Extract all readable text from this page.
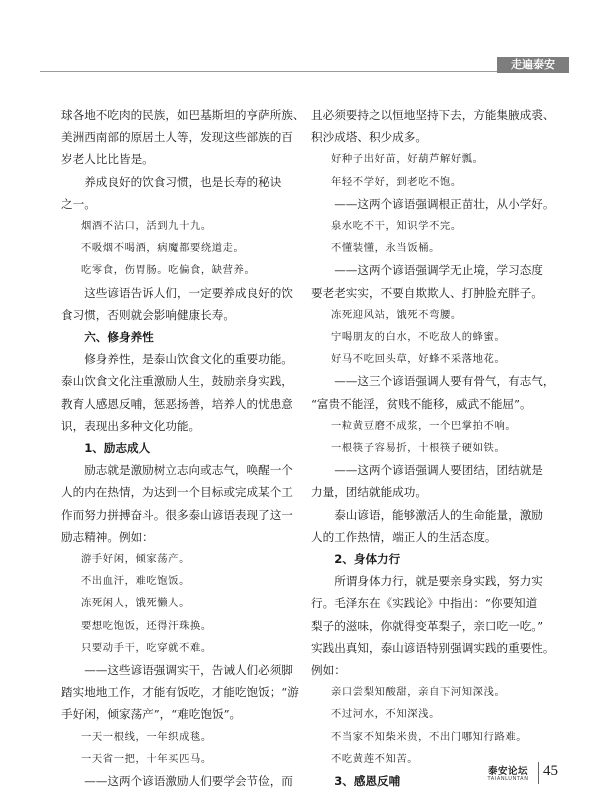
走遍泰安

球各地不吃肉的民族，如巴基斯坦的亨萨所族、

美洲西南部的原居土人等，发现这些部族的百

岁老人比比皆是。

　　养成良好的饮食习惯，也是长寿的秘诀

之一。

烟酒不沾口，活到九十九。

不吸烟不喝酒，病魔都要绕道走。

吃零食，伤胃肠。吃偏食，缺营养。

　　这些谚语告诉人们，一定要养成良好的饮

食习惯，否则就会影响健康长寿。

　　六、修身养性

　　修身养性，是泰山饮食文化的重要功能。

泰山饮食文化注重激励人生，鼓励亲身实践，

教育人感恩反哺，惩恶扬善，培养人的忧患意

识，表现出多种文化功能。

　　1、励志成人

　　励志就是激励树立志向或志气，唤醒一个

人的内在热情，为达到一个目标或完成某个工

作而努力拼搏奋斗。很多泰山谚语表现了这一

励志精神。例如：

游手好闲，倾家荡产。

不出血汗，难吃饱饭。

冻死闲人，饿死懒人。

要想吃饱饭，还得汗珠换。

只要动手干，吃穿就不难。

　　——这些谚语强调实干，告诫人们必须脚

踏实地地工作，才能有饭吃，才能吃饱饭；“游

手好闲，倾家荡产”，“难吃饱饭”。

一天一根线，一年织成毯。

一天省一把，十年买匹马。

　　——这两个谚语激励人们要学会节俭，而

且必须要持之以恒地坚持下去，方能集腋成裘、

积沙成塔、积少成多。

好种子出好苗，好葫芦解好瓢。

年轻不学好，到老吃不饱。

　　——这两个谚语强调根正苗壮，从小学好。

泉水吃不干，知识学不完。

不懂装懂，永当饭桶。

　　——这两个谚语强调学无止境，学习态度

要老老实实，不要自欺欺人、打肿脸充胖子。

冻死迎风站，饿死不弯腰。

宁喝朋友的白水，不吃敌人的蜂蜜。

好马不吃回头草，好蜂不采落地花。

　　——这三个谚语强调人要有骨气，有志气，

“富贵不能淫，贫贱不能移，威武不能屈”。

一粒黄豆磨不成浆，一个巴掌拍不响。

一根筷子容易折，十根筷子硬如铁。

　　——这两个谚语强调人要团结，团结就是

力量，团结就能成功。

　　泰山谚语，能够激活人的生命能量，激励

人的工作热情，端正人的生活态度。

　　2、身体力行

　　所谓身体力行，就是要亲身实践，努力实

行。毛泽东在《实践论》中指出：“你要知道

梨子的滋味，你就得变革梨子，亲口吃一吃。”

实践出真知，泰山谚语特别强调实践的重要性。

例如：

亲口尝梨知酸甜，亲自下河知深浅。

不过河水，不知深浅。

不当家不知柴米贵，不出门哪知行路难。

不吃黄莲不知苦。

　　3、感恩反哺

泰安论坛
TAIANLUNTAN 45
